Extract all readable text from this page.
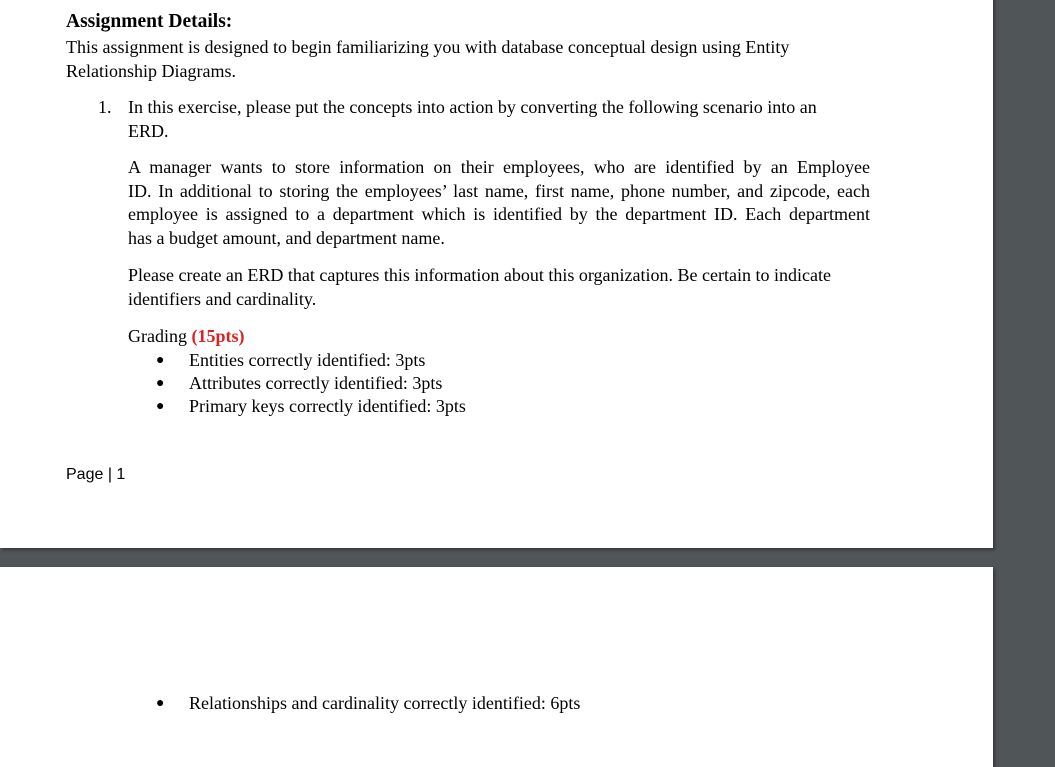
Assignment Details:
This assignment is designed to begin familiarizing you with database conceptual design using Entity
Relationship Diagrams.
1. In this exercise, please put the concepts into action by converting the following scenario into an
ERD.
A manager wants to store information on their employees, who are identified by an Employee
ID. In additional to storing the employees’ last name, first name, phone number, and zipcode, each
employee is assigned to a department which is identified by the department ID. Each department
has a budget amount, and department name.
Please create an ERD that captures this information about this organization. Be certain to indicate
identifiers and cardinality.
Grading (15pts)
● Entities correctly identified: 3pts
● Attributes correctly identified: 3pts
● Primary keys correctly identified: 3pts
Page | 1
● Relationships and cardinality correctly identified: 6pts
